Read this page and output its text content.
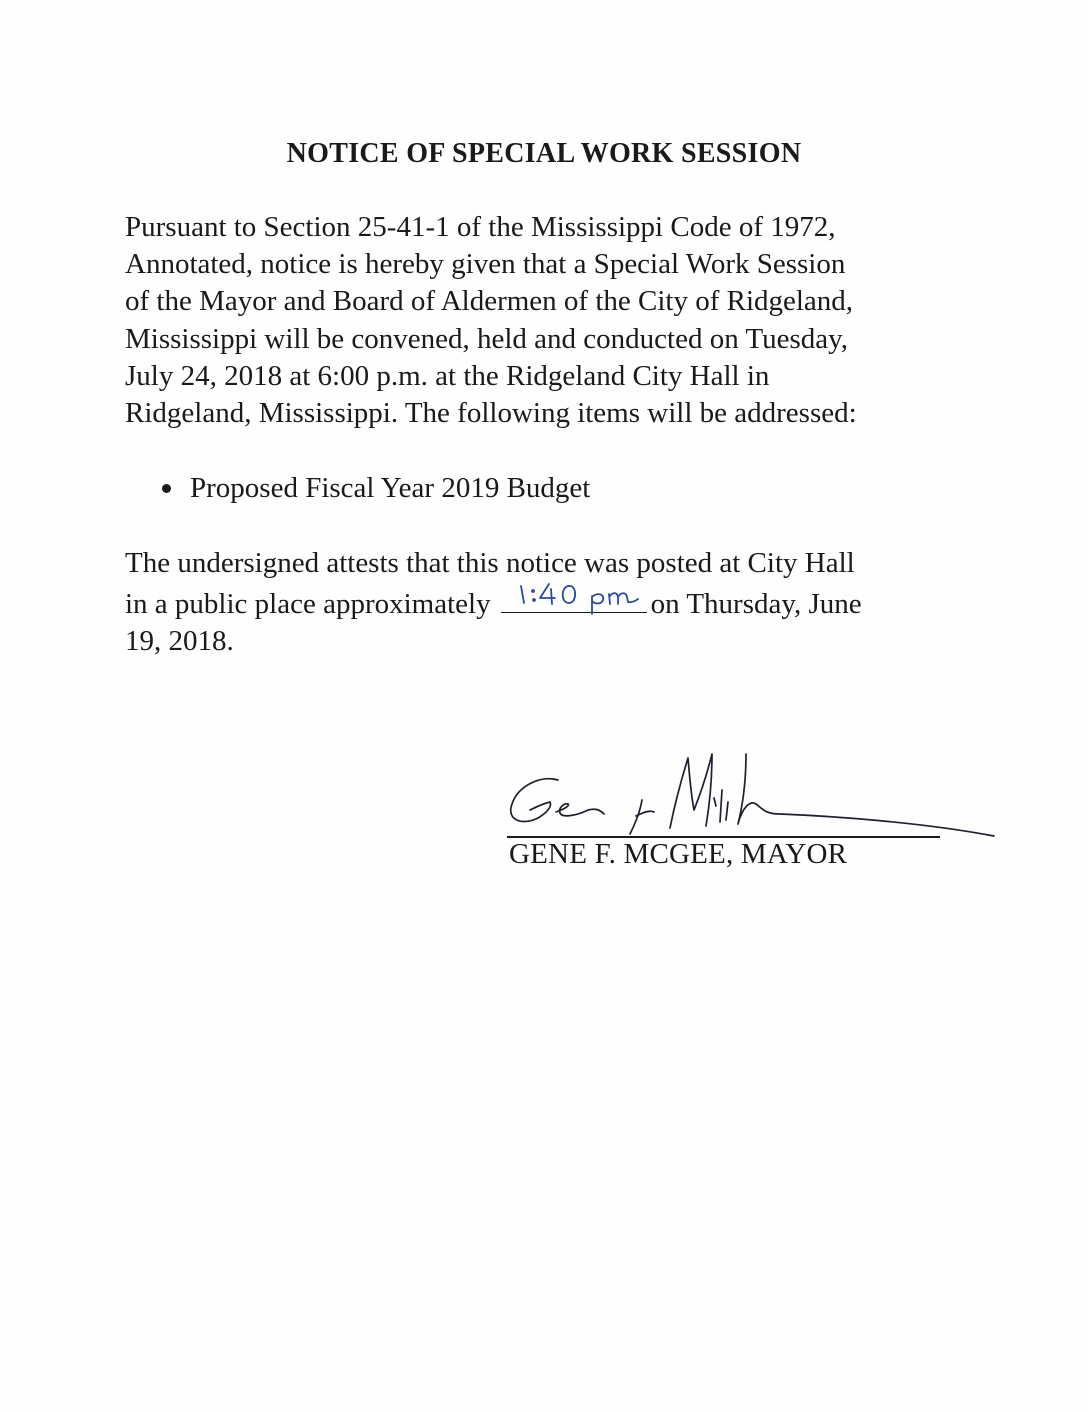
NOTICE OF SPECIAL WORK SESSION

Pursuant to Section 25-41-1 of the Mississippi Code of 1972,
Annotated, notice is hereby given that a Special Work Session
of the Mayor and Board of Aldermen of the City of Ridgeland,
Mississippi will be convened, held and conducted on Tuesday,
July 24, 2018 at 6:00 p.m. at the Ridgeland City Hall in
Ridgeland, Mississippi. The following items will be addressed:

Proposed Fiscal Year 2019 Budget

The undersigned attests that this notice was posted at City Hall
in a public place approximately	on Thursday, June
19, 2018.

GENE F. MCGEE, MAYOR
